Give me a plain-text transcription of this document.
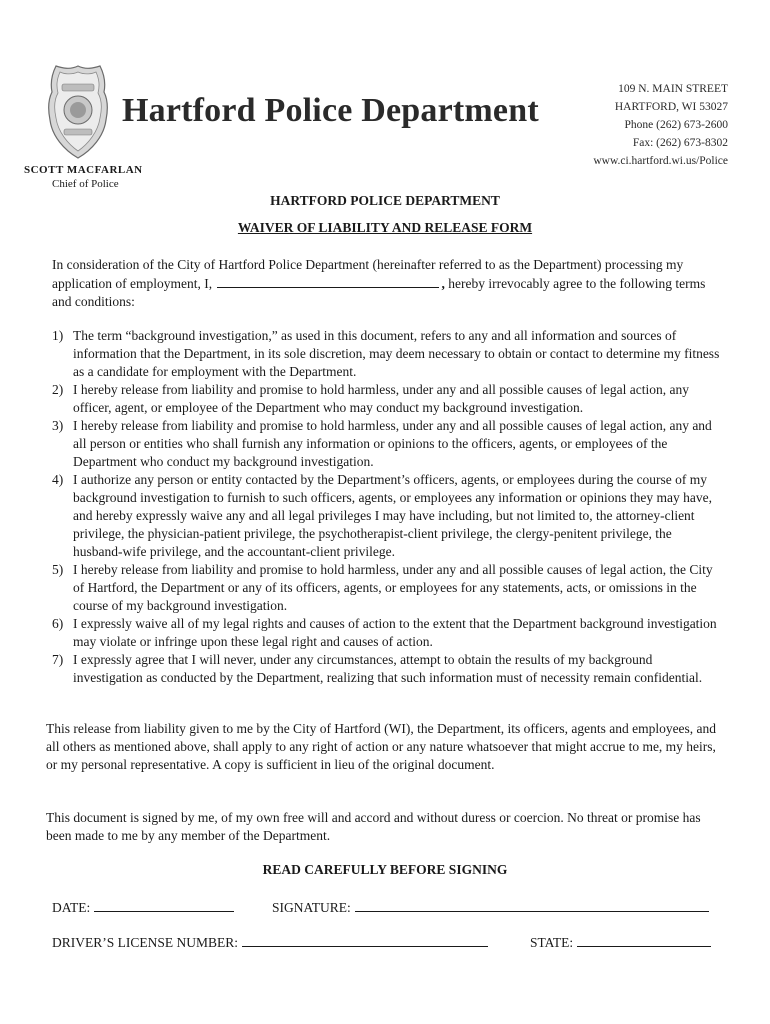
Hartford Police Department
109 N. MAIN STREET
HARTFORD, WI 53027
Phone (262) 673-2600
Fax: (262) 673-8302
www.ci.hartford.wi.us/Police
SCOTT MACFARLAN
Chief of Police
HARTFORD POLICE DEPARTMENT
WAIVER OF LIABILITY AND RELEASE FORM
In consideration of the City of Hartford Police Department (hereinafter referred to as the Department) processing my application of employment, I,	, hereby irrevocably agree to the following terms and conditions:
1) The term “background investigation,” as used in this document, refers to any and all information and sources of information that the Department, in its sole discretion, may deem necessary to obtain or contact to determine my fitness as a candidate for employment with the Department.
2) I hereby release from liability and promise to hold harmless, under any and all possible causes of legal action, any officer, agent, or employee of the Department who may conduct my background investigation.
3) I hereby release from liability and promise to hold harmless, under any and all possible causes of legal action, any and all person or entities who shall furnish any information or opinions to the officers, agents, or employees of the Department who conduct my background investigation.
4) I authorize any person or entity contacted by the Department’s officers, agents, or employees during the course of my background investigation to furnish to such officers, agents, or employees any information or opinions they may have, and hereby expressly waive any and all legal privileges I may have including, but not limited to, the attorney-client privilege, the physician-patient privilege, the psychotherapist-client privilege, the clergy-penitent privilege, the husband-wife privilege, and the accountant-client privilege.
5) I hereby release from liability and promise to hold harmless, under any and all possible causes of legal action, the City of Hartford, the Department or any of its officers, agents, or employees for any statements, acts, or omissions in the course of my background investigation.
6) I expressly waive all of my legal rights and causes of action to the extent that the Department background investigation may violate or infringe upon these legal right and causes of action.
7) I expressly agree that I will never, under any circumstances, attempt to obtain the results of my background investigation as conducted by the Department, realizing that such information must of necessity remain confidential.
This release from liability given to me by the City of Hartford (WI), the Department, its officers, agents and employees, and all others as mentioned above, shall apply to any right of action or any nature whatsoever that might accrue to me, my heirs, or my personal representative. A copy is sufficient in lieu of the original document.
This document is signed by me, of my own free will and accord and without duress or coercion. No threat or promise has been made to me by any member of the Department.
READ CAREFULLY BEFORE SIGNING
DATE:	SIGNATURE:
DRIVER’S LICENSE NUMBER:	STATE:
